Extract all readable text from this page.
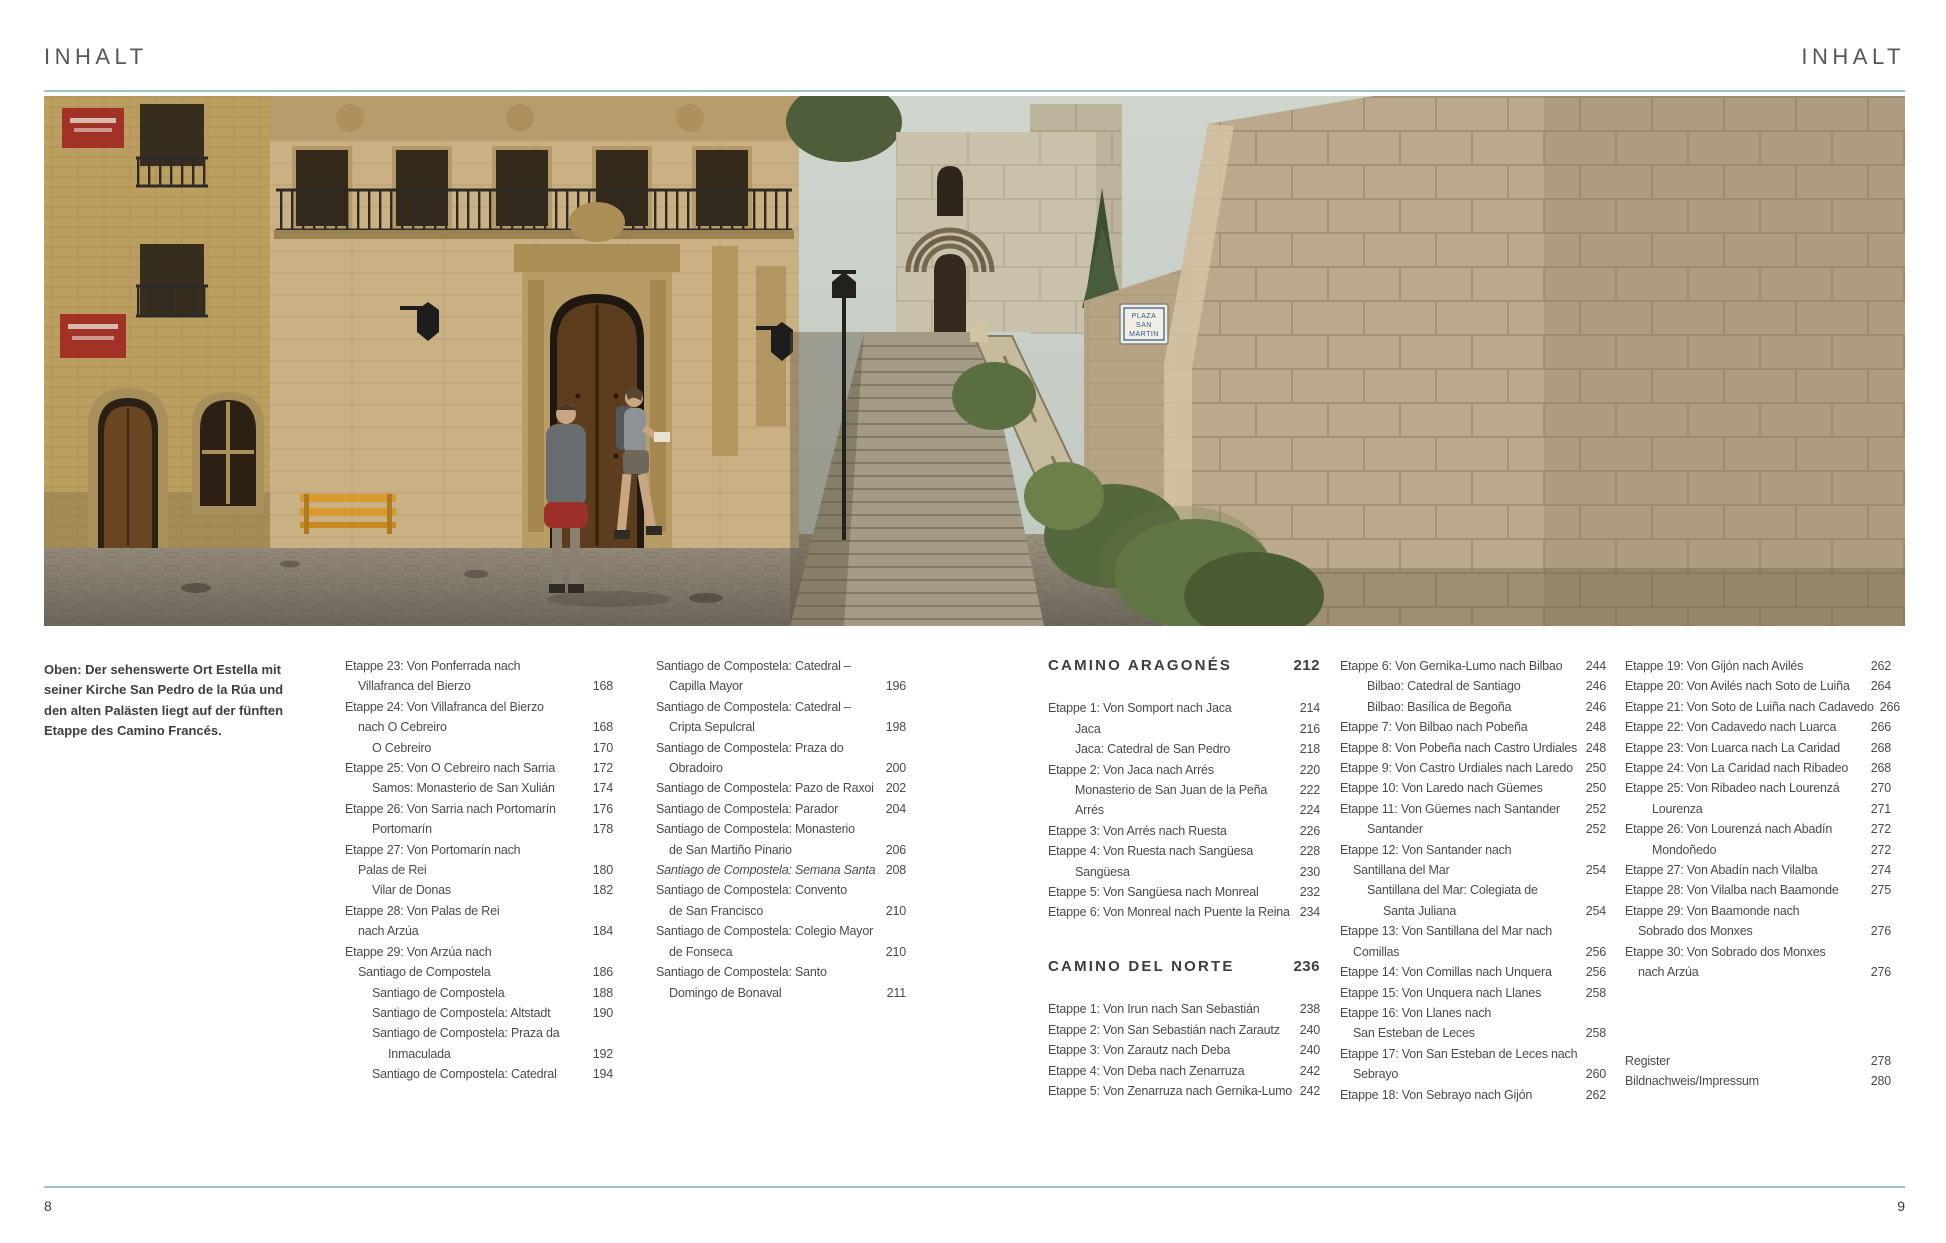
INHALT	INHALT
PLAZA
SAN
MARTIN
Oben: Der sehenswerte Ort Estella mit seiner Kirche San Pedro de la Rúa und den alten Palästen liegt auf der fünften Etappe des Camino Francés.
Etappe 23: Von Ponferrada nach
Villafranca del Bierzo	168
Etappe 24: Von Villafranca del Bierzo
nach O Cebreiro	168
O Cebreiro	170
Etappe 25: Von O Cebreiro nach Sarria	172
Samos: Monasterio de San Xulián	174
Etappe 26: Von Sarria nach Portomarín	176
Portomarín	178
Etappe 27: Von Portomarín nach
Palas de Rei	180
Vilar de Donas	182
Etappe 28: Von Palas de Rei
nach Arzúa	184
Etappe 29: Von Arzúa nach
Santiago de Compostela	186
Santiago de Compostela	188
Santiago de Compostela: Altstadt	190
Santiago de Compostela: Praza da
Inmaculada	192
Santiago de Compostela: Catedral	194
Santiago de Compostela: Catedral –
Capilla Mayor	196
Santiago de Compostela: Catedral –
Cripta Sepulcral	198
Santiago de Compostela: Praza do
Obradoiro	200
Santiago de Compostela: Pazo de Raxoi 202
Santiago de Compostela: Parador	204
Santiago de Compostela: Monasterio
de San Martiño Pinario	206
Santiago de Compostela: Semana Santa 208
Santiago de Compostela: Convento
de San Francisco	210
Santiago de Compostela: Colegio Mayor
de Fonseca	210
Santiago de Compostela: Santo
Domingo de Bonaval	211
CAMINO ARAGONÉS	212
Etappe 1: Von Somport nach Jaca	214
Jaca	216
Jaca: Catedral de San Pedro	218
Etappe 2: Von Jaca nach Arrés	220
Monasterio de San Juan de la Peña	222
Arrés	224
Etappe 3: Von Arrés nach Ruesta	226
Etappe 4: Von Ruesta nach Sangüesa	228
Sangüesa	230
Etappe 5: Von Sangüesa nach Monreal	232
Etappe 6: Von Monreal nach Puente la Reina 234
CAMINO DEL NORTE	236
Etappe 1: Von Irun nach San Sebastián	238
Etappe 2: Von San Sebastián nach Zarautz 240
Etappe 3: Von Zarautz nach Deba	240
Etappe 4: Von Deba nach Zenarruza	242
Etappe 5: Von Zenarruza nach Gernika-Lumo 242
Etappe 6: Von Gernika-Lumo nach Bilbao 244
Bilbao: Catedral de Santiago	246
Bilbao: Basílica de Begoña	246
Etappe 7: Von Bilbao nach Pobeña	248
Etappe 8: Von Pobeña nach Castro Urdiales 248
Etappe 9: Von Castro Urdiales nach Laredo 250
Etappe 10: Von Laredo nach Güemes	250
Etappe 11: Von Güemes nach Santander 252
Santander	252
Etappe 12: Von Santander nach
Santillana del Mar	254
Santillana del Mar: Colegiata de
Santa Juliana	254
Etappe 13: Von Santillana del Mar nach
Comillas	256
Etappe 14: Von Comillas nach Unquera	256
Etappe 15: Von Unquera nach Llanes	258
Etappe 16: Von Llanes nach
San Esteban de Leces	258
Etappe 17: Von San Esteban de Leces nach
Sebrayo	260
Etappe 18: Von Sebrayo nach Gijón	262
Etappe 19: Von Gijón nach Avilés	262
Etappe 20: Von Avilés nach Soto de Luiña 264
Etappe 21: Von Soto de Luiña nach Cadavedo 266
Etappe 22: Von Cadavedo nach Luarca	266
Etappe 23: Von Luarca nach La Caridad 268
Etappe 24: Von La Caridad nach Ribadeo 268
Etappe 25: Von Ribadeo nach Lourenzá 270
Lourenza	271
Etappe 26: Von Lourenzá nach Abadín	272
Mondoñedo	272
Etappe 27: Von Abadín nach Vilalba	274
Etappe 28: Von Vilalba nach Baamonde	275
Etappe 29: Von Baamonde nach
Sobrado dos Monxes	276
Etappe 30: Von Sobrado dos Monxes
nach Arzúa	276
Register	278
Bildnachweis/Impressum	280
8	9
